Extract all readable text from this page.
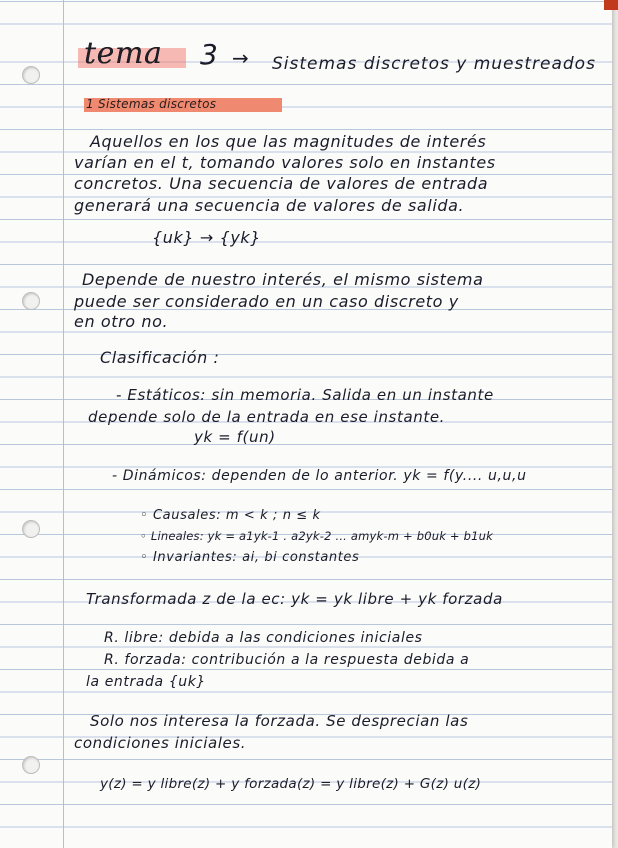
tema 3 → Sistemas discretos y muestreados
1 Sistemas discretos
Aquellos en los que las magnitudes de interés
varían en el t, tomando valores solo en instantes
concretos. Una secuencia de valores de entrada
generará una secuencia de valores de salida.
{uk} → {yk}
Depende de nuestro interés, el mismo sistema
puede ser considerado en un caso discreto y
en otro no.
Clasificación :
- Estáticos: sin memoria. Salida en un instante
depende solo de la entrada en ese instante.
yk = f(un)
- Dinámicos: dependen de lo anterior. yk = f(y.... u,u,u
◦ Causales: m < k ; n ≤ k
◦ Lineales: yk = a1yk-1 . a2yk-2 ... amyk-m + b0uk + b1uk
◦ Invariantes: ai, bi constantes
Transformada z de la ec: yk = yk libre + yk forzada
R. libre: debida a las condiciones iniciales
R. forzada: contribución a la respuesta debida a
la entrada {uk}
Solo nos interesa la forzada. Se desprecian las
condiciones iniciales.
y(z) = y libre(z) + y forzada(z) = y libre(z) + G(z) u(z)
